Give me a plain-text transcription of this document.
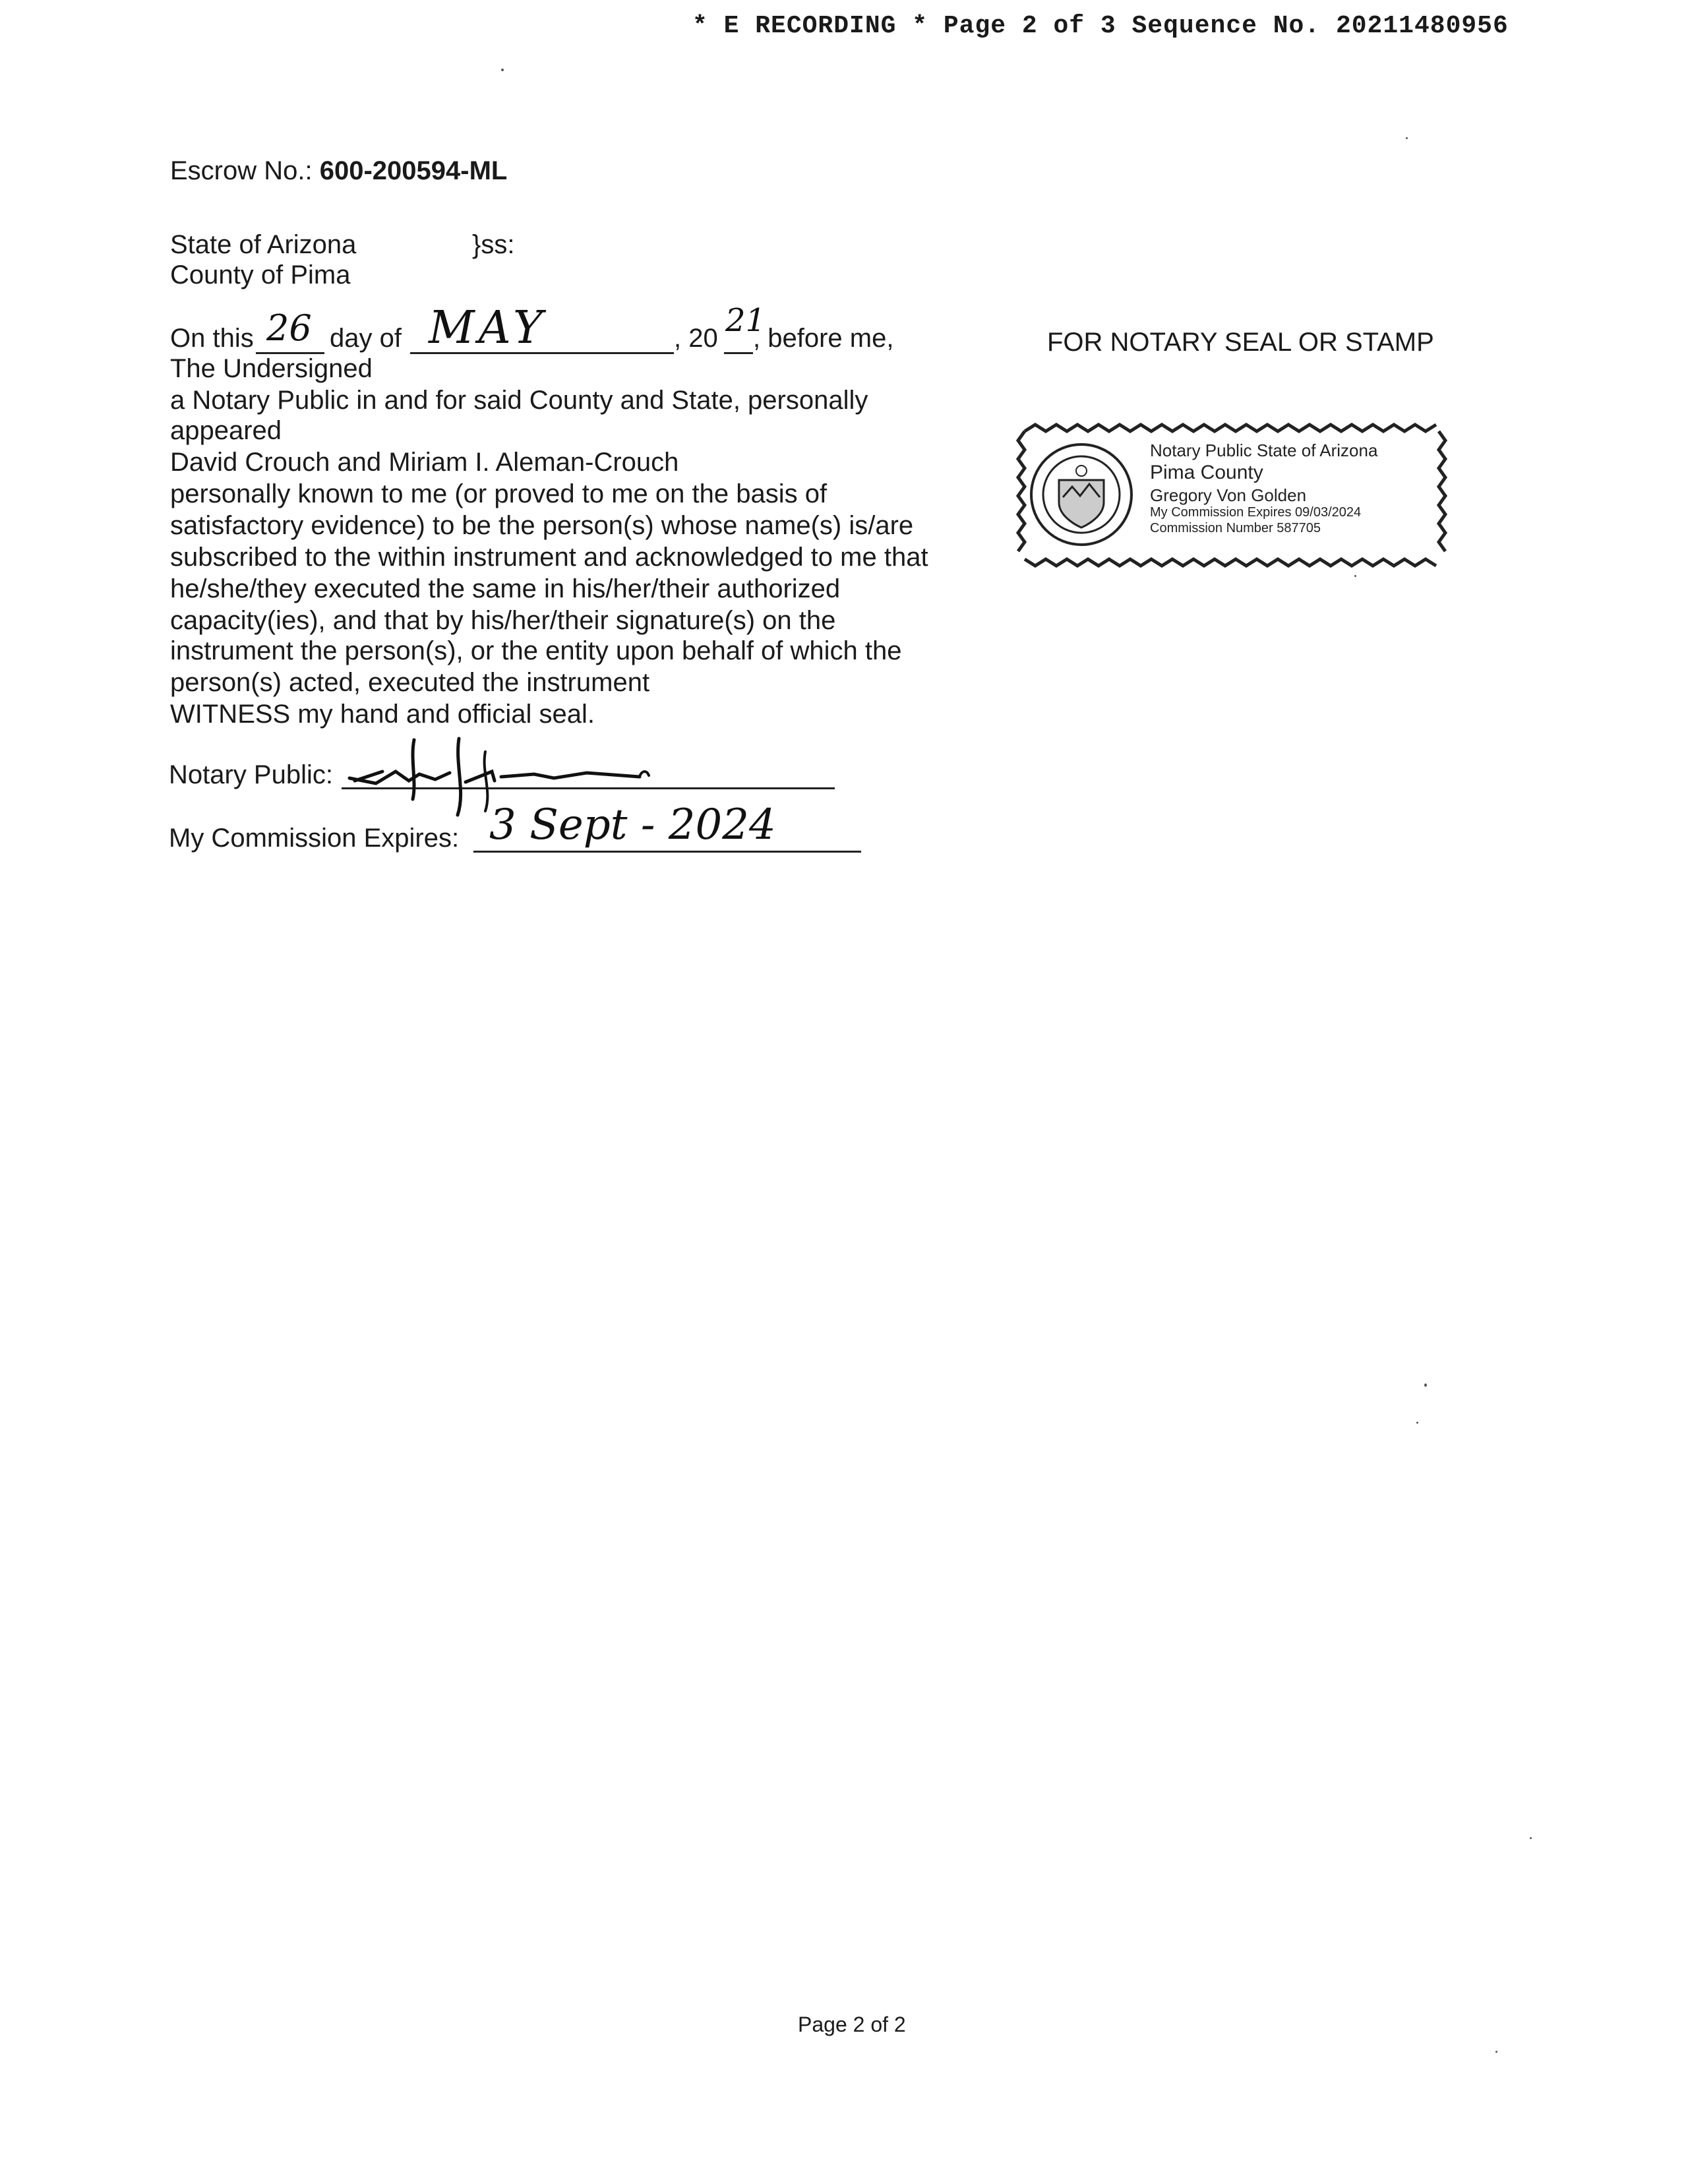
* E RECORDING * Page 2 of 3 Sequence No. 20211480956
Escrow No.: 600-200594-ML
State of Arizona	}ss:
County of Pima
On this 26 day of MAY	, 20 21
, before me,
The Undersigned
a Notary Public in and for said County and State, personally
appeared
David Crouch and Miriam I. Aleman-Crouch
personally known to me (or proved to me on the basis of
satisfactory evidence) to be the person(s) whose name(s) is/are
subscribed to the within instrument and acknowledged to me that
he/she/they executed the same in his/her/their authorized
capacity(ies), and that by his/her/their signature(s) on the
instrument the person(s), or the entity upon behalf of which the
person(s) acted, executed the instrument
WITNESS my hand and official seal.
Notary Public:
My Commission Expires: 3 Sept - 2024
FOR NOTARY SEAL OR STAMP
Notary Public State of Arizona
Pima County
Gregory Von Golden
My Commission Expires 09/03/2024
Commission Number 587705
Page 2 of 2
